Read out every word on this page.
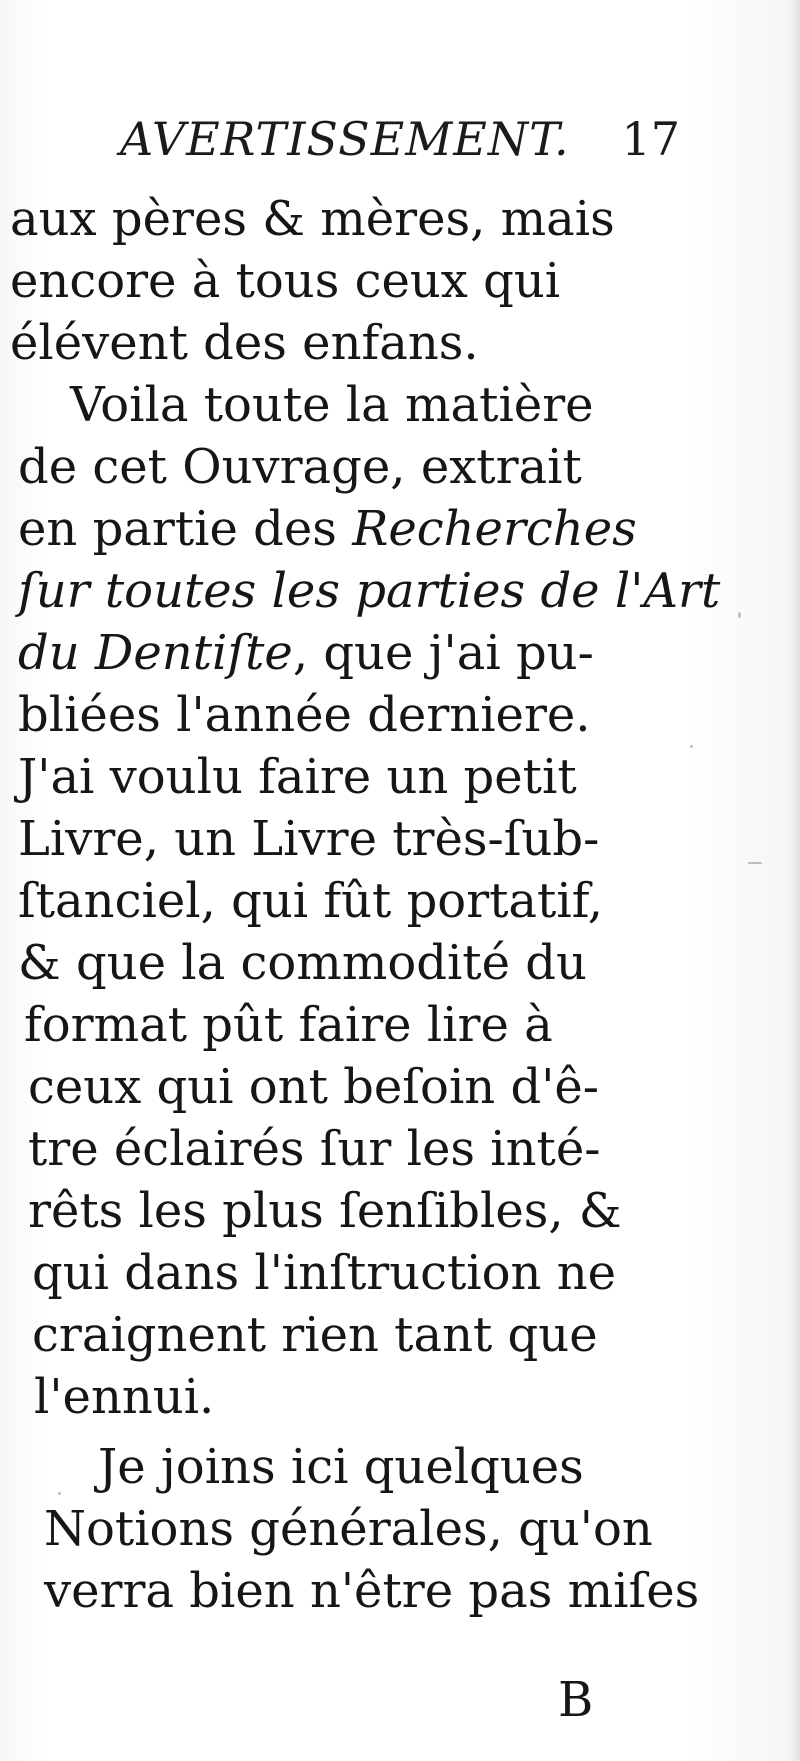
AVERTISSEMENT. 17
aux pères & mères, mais
encore à tous ceux qui
élévent des enfans.
Voila toute la matière
de cet Ouvrage, extrait
en partie des Recherches
ſur toutes les parties de l'Art
du Dentiſte, que j'ai pu-
bliées l'année derniere.
J'ai voulu faire un petit
Livre, un Livre très-ſub-
ſtanciel, qui fût portatif,
& que la commodité du
format pût faire lire à
ceux qui ont beſoin d'ê-
tre éclairés ſur les inté-
rêts les plus ſenſibles, &
qui dans l'inſtruction ne
craignent rien tant que
l'ennui.
Je joins ici quelques
Notions générales, qu'on
verra bien n'être pas miſes
B
